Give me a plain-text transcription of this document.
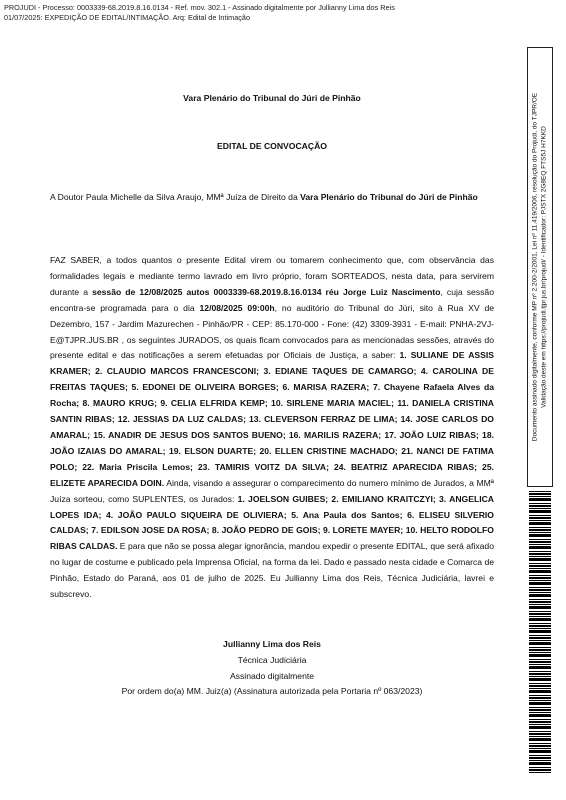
PROJUDI - Processo: 0003339-68.2019.8.16.0134 - Ref. mov. 302.1 - Assinado digitalmente por Jullianny Lima dos Reis
01/07/2025: EXPEDIÇÃO DE EDITAL/INTIMAÇÃO. Arq: Edital de Intimação
Vara Plenário do Tribunal do Júri de Pinhão
EDITAL DE CONVOCAÇÃO
A Doutor Paula Michelle da Silva Araujo, MMª Juíza de Direito da Vara Plenário do Tribunal do Júri de Pinhão

FAZ SABER, a todos quantos o presente Edital virem ou tomarem conhecimento que, com observância das formalidades legais e mediante termo lavrado em livro próprio, foram SORTEADOS, nesta data, para servirem durante a sessão de 12/08/2025 autos 0003339-68.2019.8.16.0134 réu Jorge Luiz Nascimento, cuja sessão encontra-se programada para o dia 12/08/2025 09:00h, no auditório do Tribunal do Júri, sito à Rua XV de Dezembro, 157 - Jardim Mazurechen - Pinhão/PR - CEP: 85.170-000 - Fone: (42) 3309-3931 - E-mail: PNHA-2VJ-E@TJPR.JUS.BR , os seguintes JURADOS, os quais ficam convocados para as mencionadas sessões, através do presente edital e das notificações a serem efetuadas por Oficiais de Justiça, a saber: 1. SULIANE DE ASSIS KRAMER; 2. CLAUDIO MARCOS FRANCESCONI; 3. EDIANE TAQUES DE CAMARGO; 4. CAROLINA DE FREITAS TAQUES; 5. EDONEI DE OLIVEIRA BORGES; 6. MARISA RAZERA; 7. Chayene Rafaela Alves da Rocha; 8. MAURO KRUG; 9. CELIA ELFRIDA KEMP; 10. SIRLENE MARIA MACIEL; 11. DANIELA CRISTINA SANTIN RIBAS; 12. JESSIAS DA LUZ CALDAS; 13. CLEVERSON FERRAZ DE LIMA; 14. JOSE CARLOS DO AMARAL; 15. ANADIR DE JESUS DOS SANTOS BUENO; 16. MARILIS RAZERA; 17. JOÃO LUIZ RIBAS; 18. JOÃO IZAIAS DO AMARAL; 19. ELSON DUARTE; 20. ELLEN CRISTINE MACHADO; 21. NANCI DE FATIMA POLO; 22. Maria Priscila Lemos; 23. TAMIRIS VOITZ DA SILVA; 24. BEATRIZ APARECIDA RIBAS; 25. ELIZETE APARECIDA DOIN. Ainda, visando a assegurar o comparecimento do numero mínimo de Jurados, a MMª Juíza sorteou, como SUPLENTES, os Jurados: 1. JOELSON GUIBES; 2. EMILIANO KRAITCZYI; 3. ANGELICA LOPES IDA; 4. JOÃO PAULO SIQUEIRA DE OLIVIERA; 5. Ana Paula dos Santos; 6. ELISEU SILVERIO CALDAS; 7. EDILSON JOSE DA ROSA; 8. JOÃO PEDRO DE GOIS; 9. LORETE MAYER; 10. HELTO RODOLFO RIBAS CALDAS. E para que não se possa alegar ignorância, mandou expedir o presente EDITAL, que será afixado no lugar de costume e publicado pela Imprensa Oficial, na forma da lei. Dado e passado nesta cidade e Comarca de Pinhão, Estado do Paraná, aos 01 de julho de 2025. Eu Jullianny Lima dos Reis, Técnica Judiciária, lavrei e subscrevo.

Jullianny Lima dos Reis
Técnica Judiciária
Assinado digitalmente
Por ordem do(a) MM. Juiz(a) (Assinatura autorizada pela Portaria nº 063/2023)
Documento assinado digitalmente, conforme MP nº 2.200-2/2001, Lei nº 11.419/2006, resolução do Projudi, do TJPR/OE Validação deste em https://projudi.tjpr.jus.br/projudi/ - Identificador: PJSTX 2G8EQ FTS5J H7KKD
